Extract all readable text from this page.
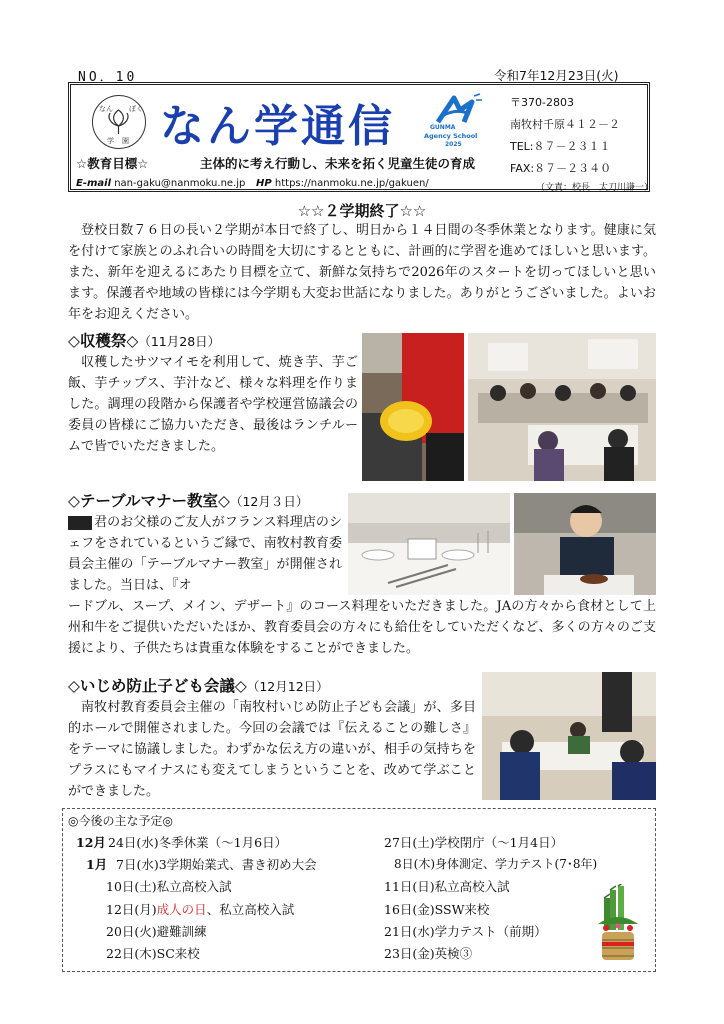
NO．10	令和7年12月23日(火)
なん ぼく
学 園 なん学通信	GUNMA
Agency School
2025
〒370-2803
南牧村千原４１２－２
TEL:８７－２３１１
FAX:８７－２３４０
☆教育目標☆	主体的に考え行動し、未来を拓く児童生徒の育成
E-mail nan-gaku@nanmoku.ne.jp HP https://nanmoku.ne.jp/gakuen/	（文責：校長　太刀川謙一）
☆☆２学期終了☆☆
登校日数７６日の長い２学期が本日で終了し、明日から１４日間の冬季休業となります。健康に気を付けて家族とのふれ合いの時間を大切にするとともに、計画的に学習を進めてほしいと思います。また、新年を迎えるにあたり目標を立て、新鮮な気持ちで2026年のスタートを切ってほしいと思います。保護者や地域の皆様には今学期も大変お世話になりました。ありがとうございました。よいお年をお迎えください。
◇収穫祭◇（11月28日）
収穫したサツマイモを利用して、焼き芋、芋ご飯、芋チップス、芋汁など、様々な料理を作りました。調理の段階から保護者や学校運営協議会の委員の皆様にご協力いただき、最後はランチルームで皆でいただきました。
◇テーブルマナー教室◇（12月３日）
君のお父様のご友人がフランス料理店のシェフをされているというご縁で、南牧村教育委員会主催の「テーブルマナー教室」が開催されました。当日は、『オ
ードブル、スープ、メイン、デザート』のコース料理をいただきました。JAの方々から食材として上州和牛をご提供いただいたほか、教育委員会の方々にも給仕をしていただくなど、多くの方々のご支援により、子供たちは貴重な体験をすることができました。
◇いじめ防止子ども会議◇（12月12日）
南牧村教育委員会主催の「南牧村いじめ防止子ども会議」が、多目的ホールで開催されました。今回の会議では『伝えることの難しさ』をテーマに協議しました。わずかな伝え方の違いが、相手の気持ちをプラスにもマイナスにも変えてしまうということを、改めて学ぶことができました。
◎今後の主な予定◎
12月 24日(水)冬季休業（～1月6日）
1月 7日(水)3学期始業式、書き初め大会
10日(土)私立高校入試
12日(月)成人の日、私立高校入試
20日(火)避難訓練
22日(木)SC来校
27日(土)学校閉庁（～1月4日）
8日(木)身体測定、学力テスト(7･8年)
11日(日)私立高校入試
16日(金)SSW来校
21日(水)学力テスト（前期）
23日(金)英検③
